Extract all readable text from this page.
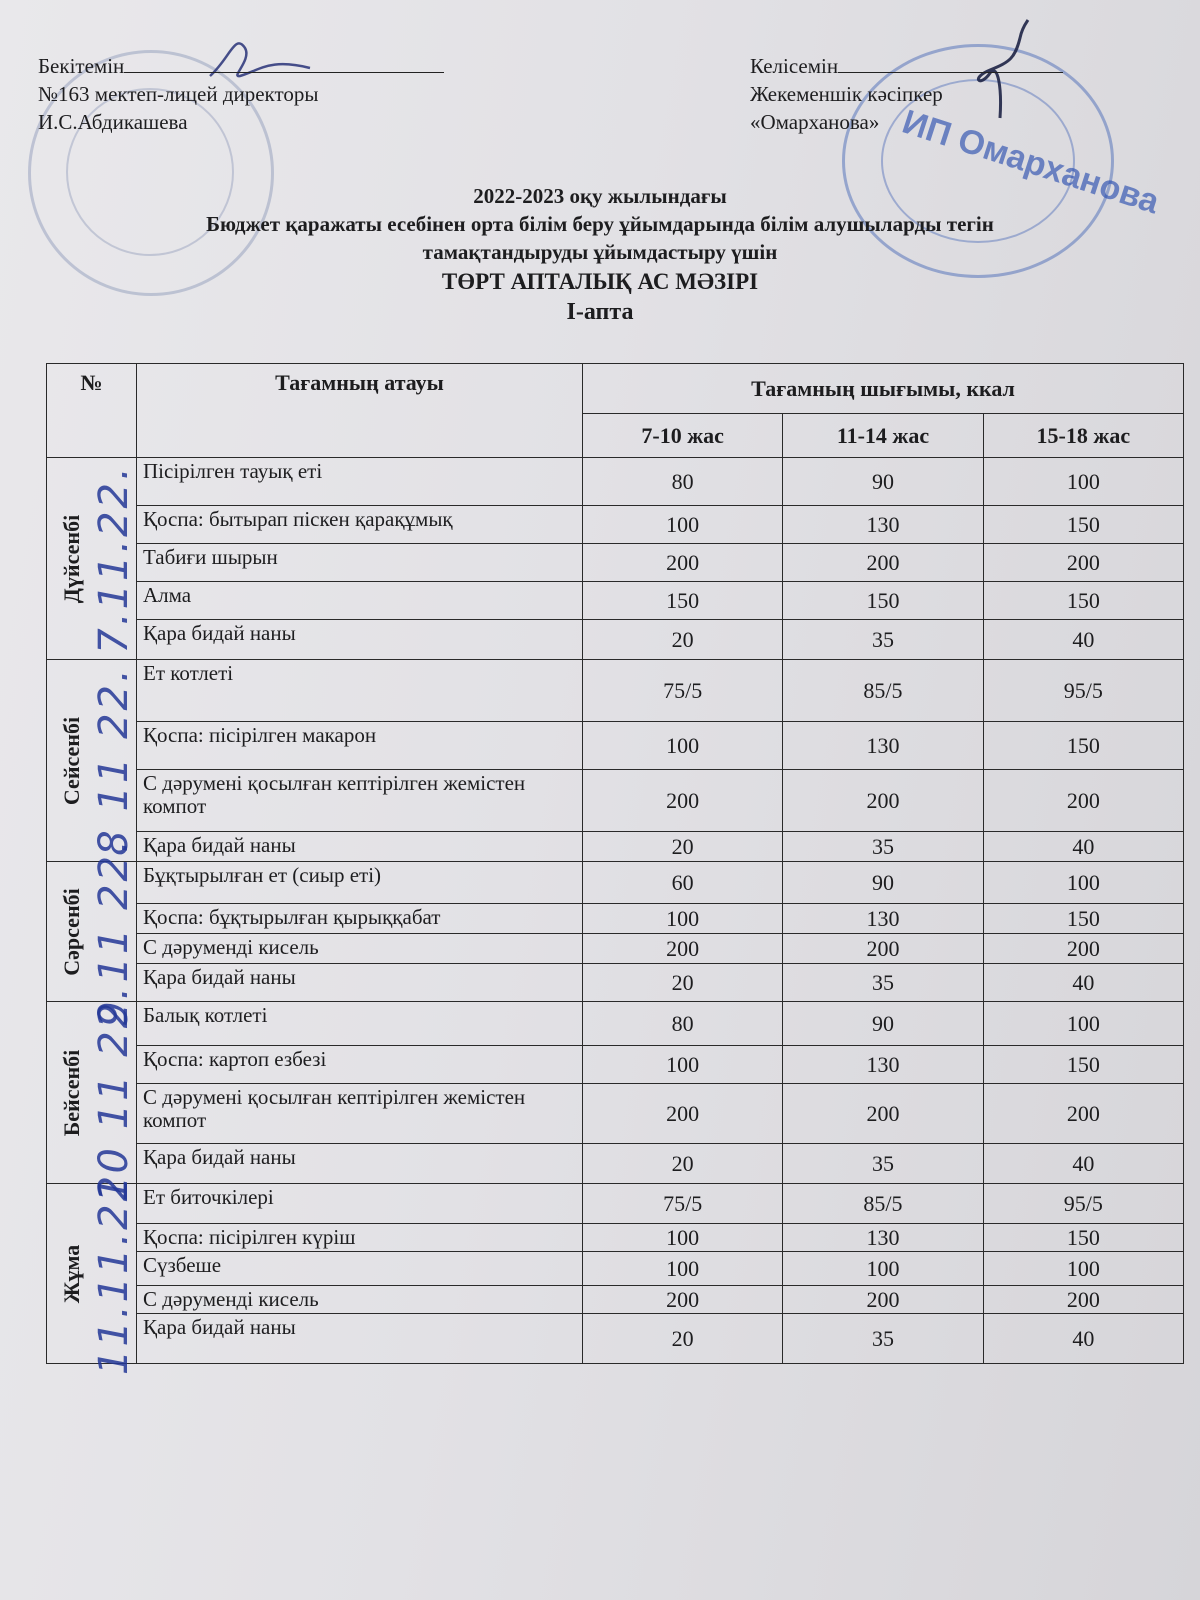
ИП Омарханова
Бекітемін
№163 мектеп-лицей директоры
И.С.Абдикашева
Келісемін
Жекеменшік кәсіпкер
«Омарханова»
2022-2023 оқу жылындағы
Бюджет қаражаты есебінен орта білім беру ұйымдарында білім алушыларды тегін
тамақтандыруды ұйымдастыру үшін
ТӨРТ АПТАЛЫҚ АС МӘЗІРІ
I-апта
№	Тағамның атауы	Тағамның шығымы, ккал		
		7-10 жас	11-14 жас	15-18 жас

Дүйсенбі 7.11.22.	Пісірілген тауық еті	80	90	100
	Қоспа: бытырап піскен қарақұмық	100	130	150
	Табиғи шырын	200	200	200
	Алма	150	150	150
	Қара бидай наны	20	35	40

Сейсенбі 8 11 22.	Ет котлеті	75/5	85/5	95/5
	Қоспа: пісірілген макарон	100	130	150
	С дәрумені қосылған кептірілген жемістен компот	200	200	200
	Қара бидай наны	20	35	40

Сәрсенбі 9 11 22.	Бұқтырылған ет (сиыр еті)	60	90	100
	Қоспа: бұқтырылған қырыққабат	100	130	150
	С дәруменді кисель	200	200	200
	Қара бидай наны	20	35	40

Бейсенбі 10 11 22.	Балық котлеті	80	90	100
	Қоспа: картоп езбезі	100	130	150
	С дәрумені қосылған кептірілген жемістен компот	200	200	200
	Қара бидай наны	20	35	40

Жұма 11.11.22	Ет биточкілері	75/5	85/5	95/5
	Қоспа: пісірілген күріш	100	130	150
	Сүзбеше	100	100	100
	С дәруменді кисель	200	200	200
	Қара бидай наны	20	35	40
